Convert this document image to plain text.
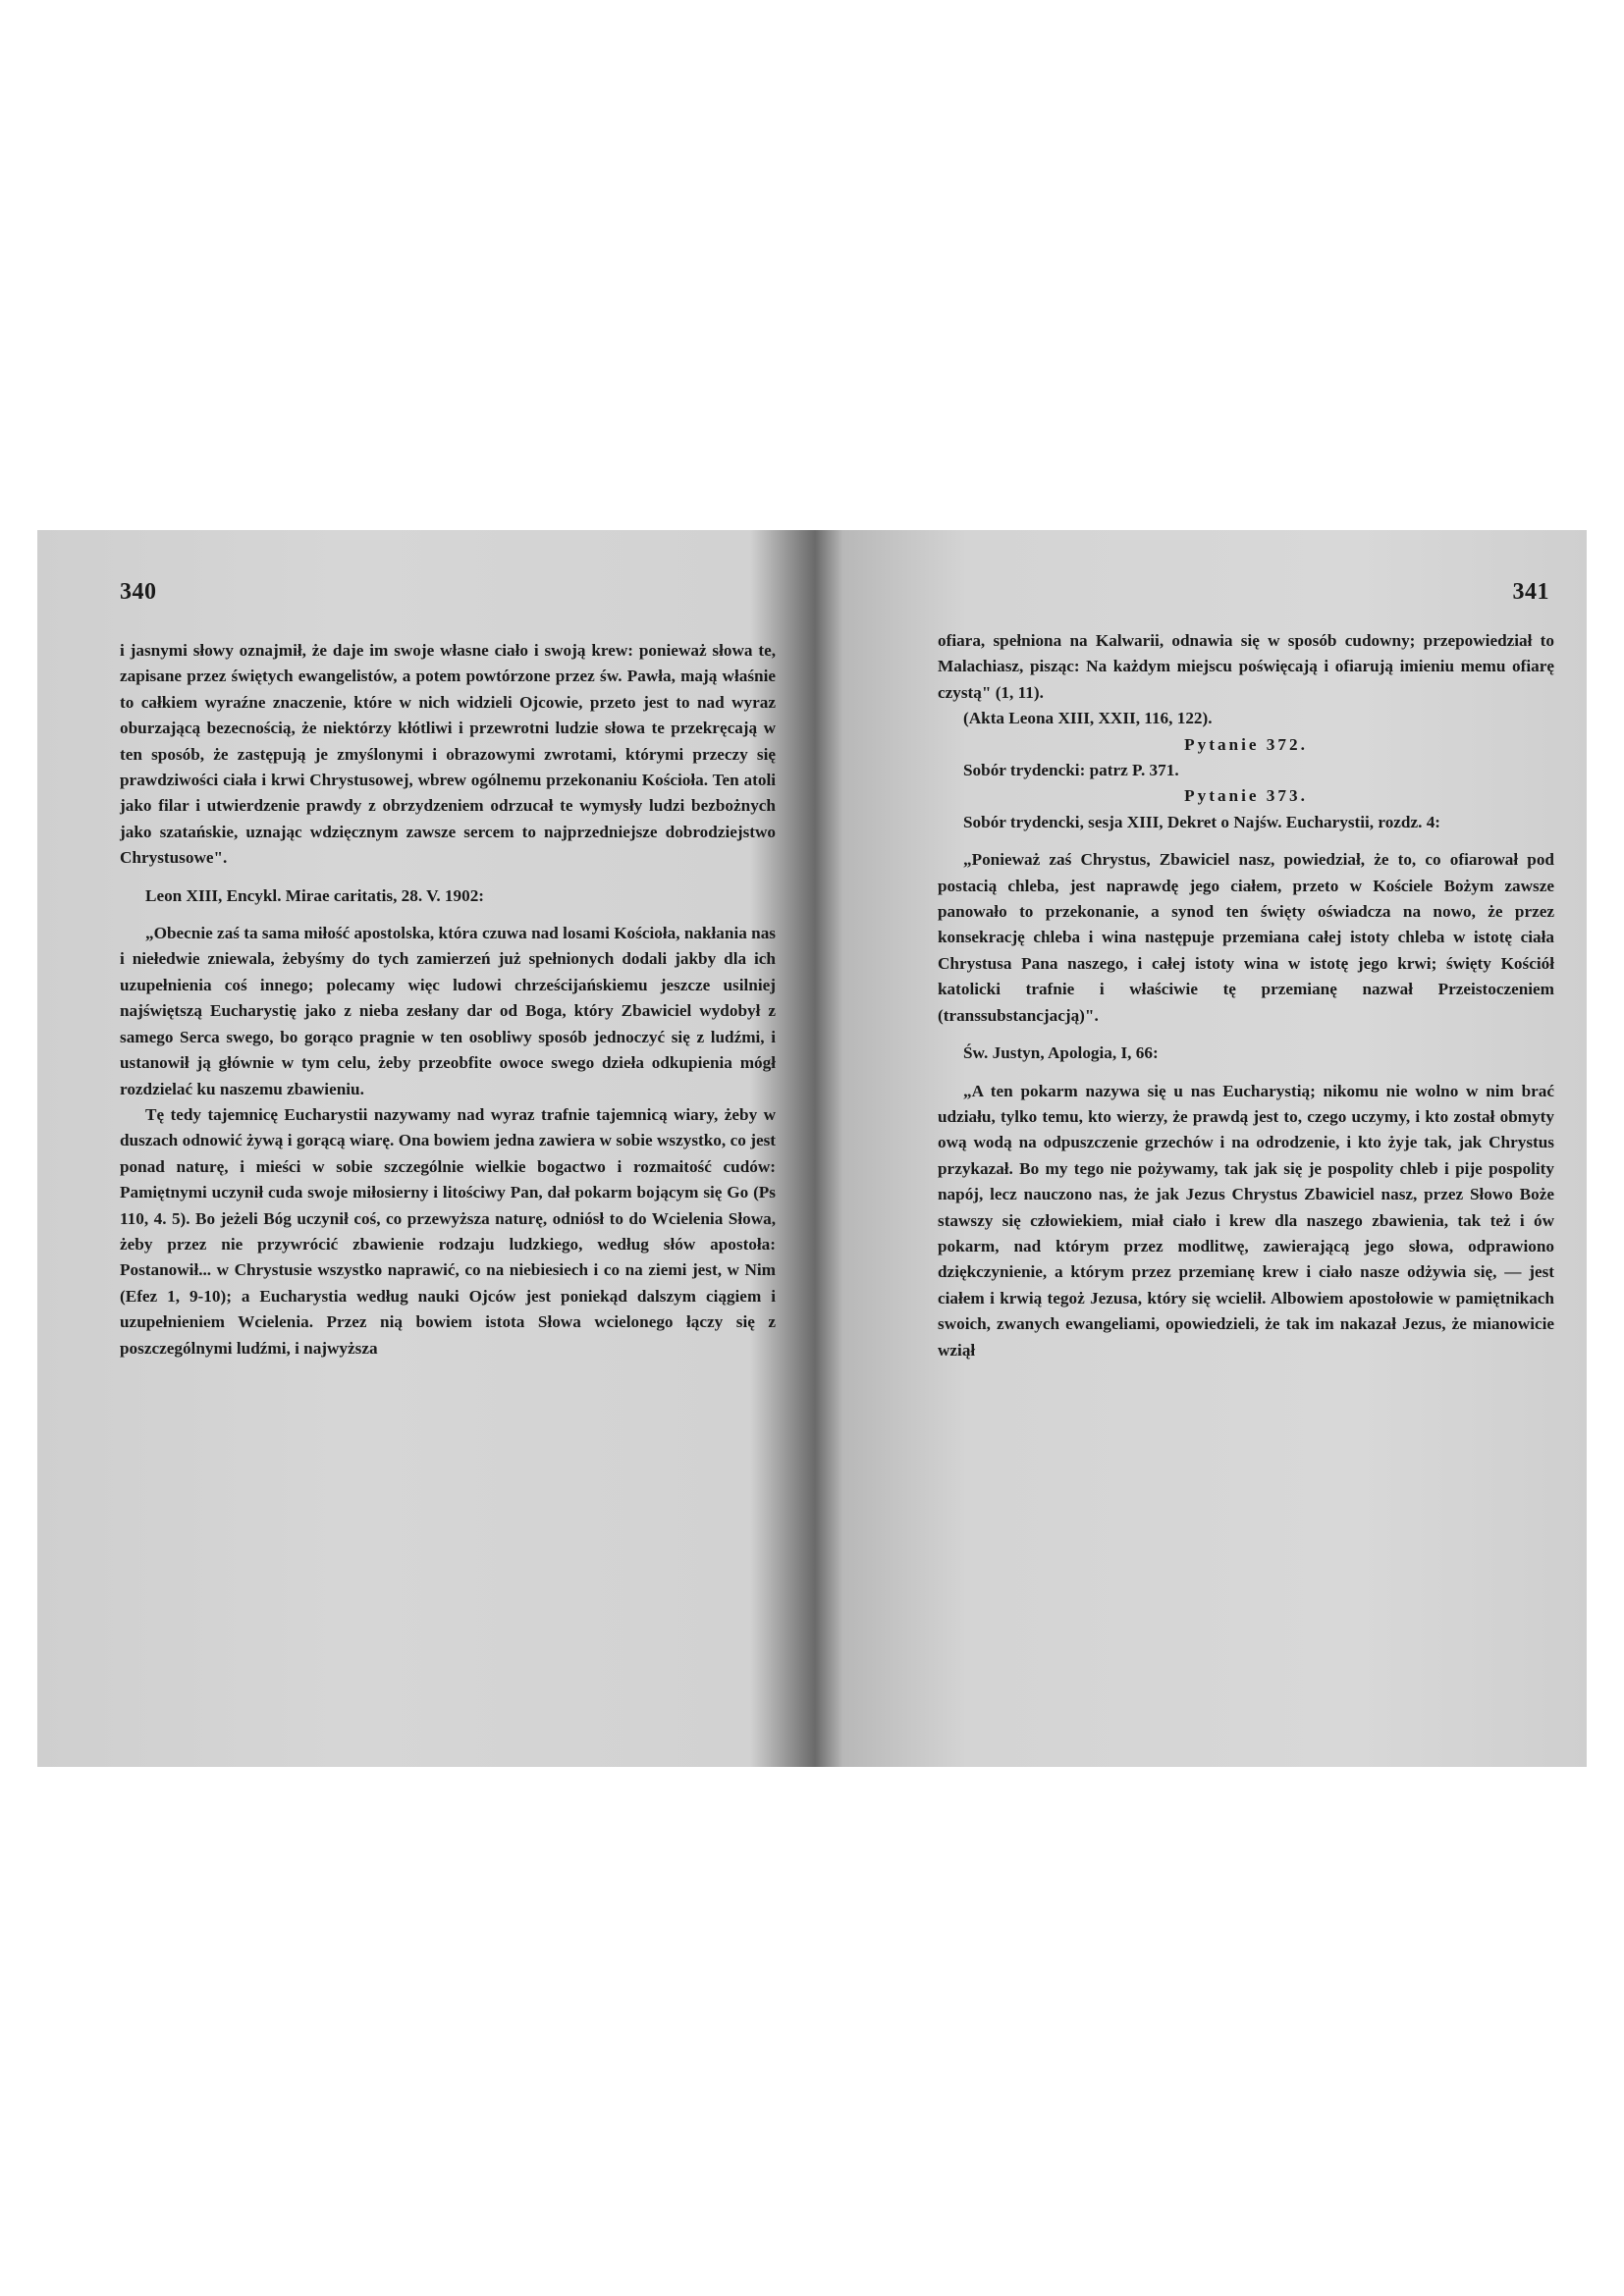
340

i jasnymi słowy oznajmił, że daje im swoje własne ciało i swoją krew: ponieważ słowa te, zapisane przez świętych ewangelistów, a potem powtórzone przez św. Pawła, mają właśnie to całkiem wyraźne znaczenie, które w nich widzieli Ojcowie, przeto jest to nad wyraz oburzającą bezecnością, że niektórzy kłótliwi i przewrotni ludzie słowa te przekręcają w ten sposób, że zastępują je zmyślonymi i obrazowymi zwrotami, którymi przeczy się prawdziwości ciała i krwi Chrystusowej, wbrew ogólnemu przekonaniu Kościoła. Ten atoli jako filar i utwierdzenie prawdy z obrzydzeniem odrzucał te wymysły ludzi bezbożnych jako szatańskie, uznając wdzięcznym zawsze sercem to najprzedniejsze dobrodziejstwo Chrystusowe".

Leon XIII, Encykl. Mirae caritatis, 28. V. 1902:

„Obecnie zaś ta sama miłość apostolska, która czuwa nad losami Kościoła, nakłania nas i niełedwie zniewala, żebyśmy do tych zamierzeń już spełnionych dodali jakby dla ich uzupełnienia coś innego; polecamy więc ludowi chrześcijańskiemu jeszcze usilniej najświętszą Eucharystię jako z nieba zesłany dar od Boga, który Zbawiciel wydobył z samego Serca swego, bo gorąco pragnie w ten osobliwy sposób jednoczyć się z ludźmi, i ustanowił ją głównie w tym celu, żeby przeobfite owoce swego dzieła odkupienia mógł rozdzielać ku naszemu zbawieniu.

Tę tedy tajemnicę Eucharystii nazywamy nad wyraz trafnie tajemnicą wiary, żeby w duszach odnowić żywą i gorącą wiarę. Ona bowiem jedna zawiera w sobie wszystko, co jest ponad naturę, i mieści w sobie szczególnie wielkie bogactwo i rozmaitość cudów: Pamiętnymi uczynił cuda swoje miłosierny i litościwy Pan, dał pokarm bojącym się Go (Ps 110, 4. 5). Bo jeżeli Bóg uczynił coś, co przewyższa naturę, odniósł to do Wcielenia Słowa, żeby przez nie przywrócić zbawienie rodzaju ludzkiego, według słów apostoła: Postanowił... w Chrystusie wszystko naprawić, co na niebiesiech i co na ziemi jest, w Nim (Efez 1, 9-10); a Eucharystia według nauki Ojców jest poniekąd dalszym ciągiem i uzupełnieniem Wcielenia. Przez nią bowiem istota Słowa wcielonego łączy się z poszczególnymi ludźmi, i najwyższa

341

ofiara, spełniona na Kalwarii, odnawia się w sposób cudowny; przepowiedział to Malachiasz, pisząc: Na każdym miejscu poświęcają i ofiarują imieniu memu ofiarę czystą" (1, 11).

(Akta Leona XIII, XXII, 116, 122).

Pytanie 372.

Sobór trydencki: patrz P. 371.

Pytanie 373.

Sobór trydencki, sesja XIII, Dekret o Najśw. Eucharystii, rozdz. 4:

„Ponieważ zaś Chrystus, Zbawiciel nasz, powiedział, że to, co ofiarował pod postacią chleba, jest naprawdę jego ciałem, przeto w Kościele Bożym zawsze panowało to przekonanie, a synod ten święty oświadcza na nowo, że przez konsekrację chleba i wina następuje przemiana całej istoty chleba w istotę ciała Chrystusa Pana naszego, i całej istoty wina w istotę jego krwi; święty Kościół katolicki trafnie i właściwie tę przemianę nazwał Przeistoczeniem (transsubstancjacją)".

Św. Justyn, Apologia, I, 66:

„A ten pokarm nazywa się u nas Eucharystią; nikomu nie wolno w nim brać udziału, tylko temu, kto wierzy, że prawdą jest to, czego uczymy, i kto został obmyty ową wodą na odpuszczenie grzechów i na odrodzenie, i kto żyje tak, jak Chrystus przykazał. Bo my tego nie pożywamy, tak jak się je pospolity chleb i pije pospolity napój, lecz nauczono nas, że jak Jezus Chrystus Zbawiciel nasz, przez Słowo Boże stawszy się człowiekiem, miał ciało i krew dla naszego zbawienia, tak też i ów pokarm, nad którym przez modlitwę, zawierającą jego słowa, odprawiono dziękczynienie, a którym przez przemianę krew i ciało nasze odżywia się, — jest ciałem i krwią tegoż Jezusa, który się wcielił. Albowiem apostołowie w pamiętnikach swoich, zwanych ewangeliami, opowiedzieli, że tak im nakazał Jezus, że mianowicie wziął
